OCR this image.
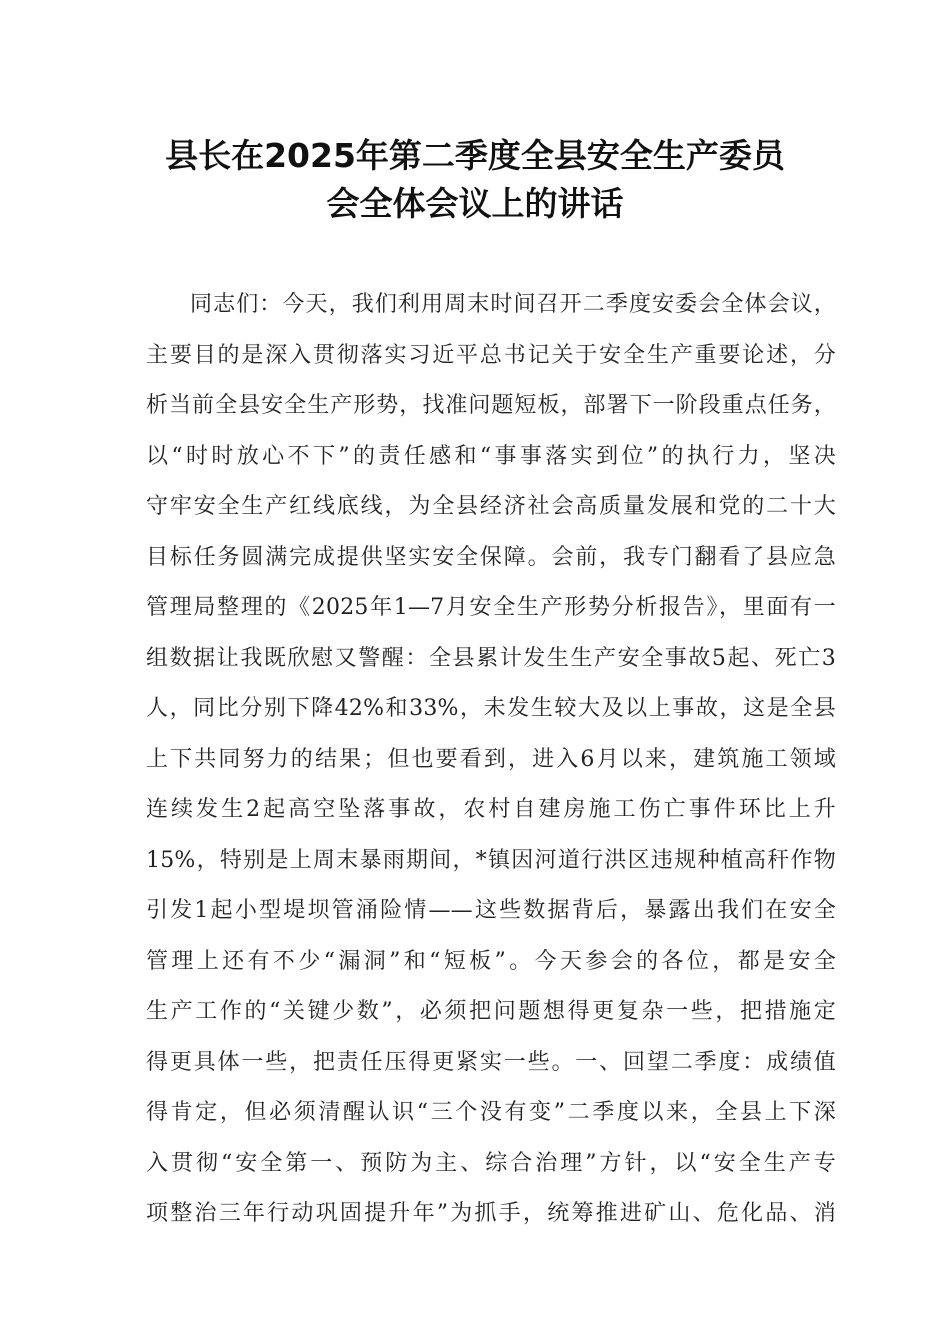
县长在2025年第二季度全县安全生产委员
会全体会议上的讲话
同志们：今天，我们利用周末时间召开二季度安委会全体会议，
主要目的是深入贯彻落实习近平总书记关于安全生产重要论述，分
析当前全县安全生产形势，找准问题短板，部署下一阶段重点任务，
以“时时放心不下”的责任感和“事事落实到位”的执行力，坚决
守牢安全生产红线底线，为全县经济社会高质量发展和党的二十大
目标任务圆满完成提供坚实安全保障。会前，我专门翻看了县应急
管理局整理的《2025年1—7月安全生产形势分析报告》，里面有一
组数据让我既欣慰又警醒：全县累计发生生产安全事故5起、死亡3
人，同比分别下降42%和33%，未发生较大及以上事故，这是全县
上下共同努力的结果；但也要看到，进入6月以来，建筑施工领域
连续发生2起高空坠落事故，农村自建房施工伤亡事件环比上升
15%，特别是上周末暴雨期间，*镇因河道行洪区违规种植高秆作物
引发1起小型堤坝管涌险情——这些数据背后，暴露出我们在安全
管理上还有不少“漏洞”和“短板”。今天参会的各位，都是安全
生产工作的“关键少数”，必须把问题想得更复杂一些，把措施定
得更具体一些，把责任压得更紧实一些。一、回望二季度：成绩值
得肯定，但必须清醒认识“三个没有变”二季度以来，全县上下深
入贯彻“安全第一、预防为主、综合治理”方针，以“安全生产专
项整治三年行动巩固提升年”为抓手，统筹推进矿山、危化品、消
